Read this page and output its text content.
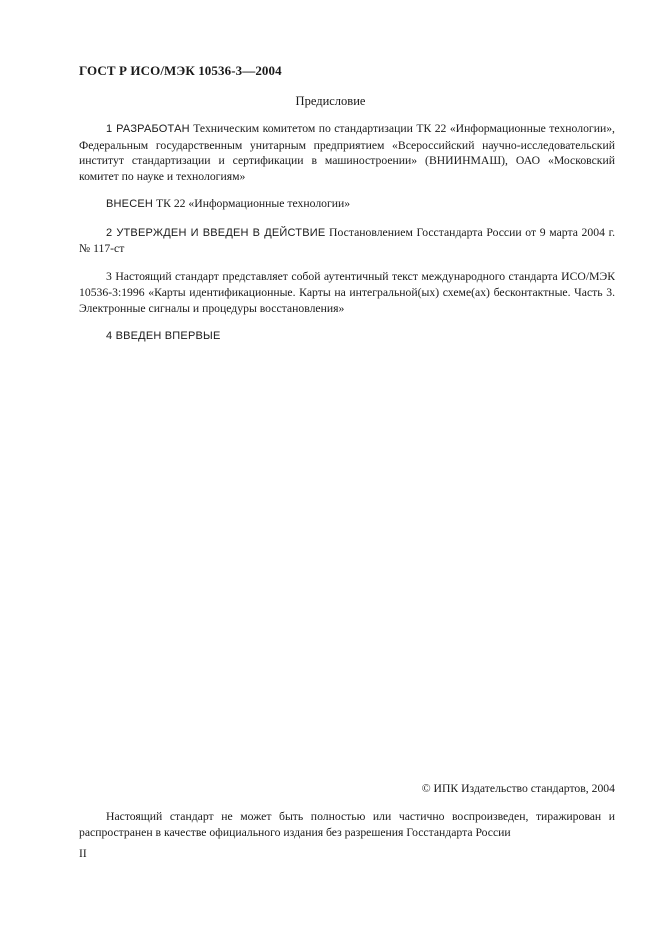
ГОСТ Р ИСО/МЭК 10536-3—2004
Предисловие

1 РАЗРАБОТАН Техническим комитетом по стандартизации ТК 22 «Информационные технологии», Федеральным государственным унитарным предприятием «Всероссийский научно-исследовательский институт стандартизации и сертификации в машиностроении» (ВНИИНМАШ), ОАО «Московский комитет по науке и технологиям»

ВНЕСЕН ТК 22 «Информационные технологии»

2 УТВЕРЖДЕН И ВВЕДЕН В ДЕЙСТВИЕ Постановлением Госстандарта России от 9 марта 2004 г. № 117-ст

3 Настоящий стандарт представляет собой аутентичный текст международного стандарта ИСО/МЭК 10536-3:1996 «Карты идентификационные. Карты на интегральной(ых) схеме(ах) бесконтактные. Часть 3. Электронные сигналы и процедуры восстановления»

4 ВВЕДЕН ВПЕРВЫЕ

© ИПК Издательство стандартов, 2004

Настоящий стандарт не может быть полностью или частично воспроизведен, тиражирован и распространен в качестве официального издания без разрешения Госстандарта России

II
